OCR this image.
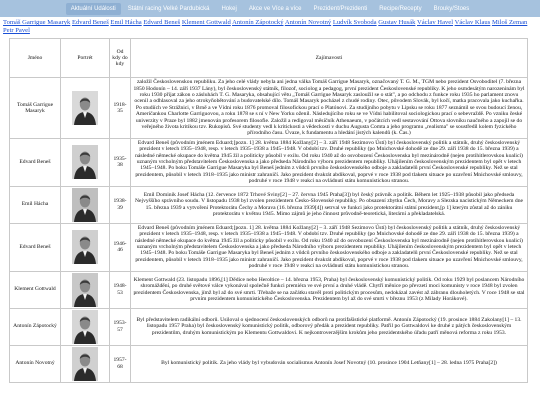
Aktuální Události	Státní racing Velké Pardubická	Hokej	Akce ve Více a více	Prezident/Prezidenti	Recipe/Recepty	Brouky/Stoes
Tomáš Garrigue Masaryk Edvard Beneš Emil Hácha Edvard Beneš Klement Gottwald Antonín Zápotocký Antonín Novotný Ludvík Svoboda Gustav Husák Václav Havel Václav Klaus Miloš Zeman Petr Pavel
Jméno	Portrét	Od kdy do kdy	Zajímavosti
Tomáš Garrigue Masaryk		1918-35	založil Československou republiku. Za jeho celé vlády nebyla ani jedna válka Tomáš Garrigue Masaryk, označovaný T. G. M., TGM nebo prezident Osvoboditel (7. března 1850 Hodonín – 14. září 1937 Lány), byl československý státník, filozof, sociolog a pedagog, první prezident Československé republiky. K jeho osmdesátým narozeninám byl roku 1930 přijat zákon o zásluhách T. G. Masaryka, obsahující větu „Tomáš Garrigue Masaryk zasloužil se o stát", a po odchodu z funkce roku 1935 ho parlament znovu ocenil a odhlasoval za jeho otrokyňobětování a budovatelské dílo. Tomáš Masaryk pocházel z chudé rodiny. Otec, původem Slovák, byl kočí, matka pracovala jako kuchařka. Po studiích ve Strážnici, v Brně a ve Vídni roku 1876 promoval filosofickou prací o Platónovi. Za studijního pobytu v Lipsku se roku 1877 seznámil se svou budoucí ženou, Američankou Charlotte Garriguovou, a roku 1878 se s ní v New Yorku oženil. Následujícího roku se ve Vídni habilitoval sociologickou prací o sebevraždě. Po vzniku české univerzity v Praze byl 1882 jmenován profesorem filosofie. Založil a redigoval měsíčník Athenaeum, v počátcích vedl sestavování Ottova slovníku naučného a zapojil se do veřejného života kritikou tzv. Rukopisů. Své studenty vedl k kritickosti a vědeckosti v duchu Augusta Comta a jeho programu „realisma" se soustředil kolem fyzického přírodního času. Úvaze, k fundamentu a hledání jistých kalendů (k. Čas.)
Edvard Beneš		1935-38	Edvard Beneš (původním jménem Eduard;[pozn. 1] 28. května 1884 Kožlany[2] – 3. září 1948 Sezimovo Ústí) byl československý politik a státník, druhý československý prezident v letech 1935–1948, resp. v letech 1935–1938 a 1945–1948. V období tzv. Druhé republiky (po Mnichovské dohodě ze dne 29. září 1938 do 15. března 1939) a následné německé okupace do května 1945 žil a politicky působil v exilu. Od roku 1940 až do osvobození Československa byl mezinárodně (nejen protihitlerovskou koalicí) uznaným vrcholným představitelem Československa a jako předseda Národního výboru prezidentem republiky. Uhájilením československým prezidentem byl opět v letech 1945–1948. Po boku Tomáše Garrigue Masaryka byl Beneš jedním z vůdců prvního československého odboje a zakladatelů první Československé republiky. Než se stal prezidentem, působil v letech 1918–1935 jako ministr zahraničí. Jako prezident dvakrát abdikoval, poprvé v roce 1938 pod tlakem situace po uzavření Mnichovské smlouvy, podruhé v roce 1948 v reakci na ovládnutí státu komunistickou stranou.
Emil Hácha		1938-39	Emil Dominik Josef Hácha (12. července 1872 Trhové Sviny[2] – 27. června 1945 Praha[3]) byl český právník a politik. Během let 1925–1938 působil jako předseda Nejvyššího správního soudu. V listopadu 1938 byl zvolen prezidentem Česko-Slovenské republiky. Po obsazení zbytku Čech, Moravy a Slezska nacistickým Německem dne 15. března 1939 a vytvoření Protektorátu Čechy a Morava (16. března 1939[4]) setrval ve funkci jako protektorátní státní prezident,[p 1] kterým zůstal až do zániku protektorátu v květnu 1945. Mimo zájmů je jeho činnost průvodně-teoretická, literární a překladatelská.
Edvard Beneš		1946-46	Edvard Beneš (původním jménem Eduard;[pozn. 1] 28. května 1884 Kožlany[2] – 3. září 1948 Sezimovo Ústí) byl československý politik a státník, druhý československý prezident v letech 1935–1948, resp. v letech 1935–1938 a 1945–1948. V období tzv. Druhé republiky (po Mnichovské dohodě ze dne 29. září 1938 do 15. března 1939) a následné německé okupace do května 1945 žil a politicky působil v exilu. Od roku 1940 až do osvobození Československa byl mezinárodně (nejen protihitlerovskou koalicí) uznaným vrcholným představitelem Československa a jako předseda Národního výboru prezidentem republiky. Uhájilením československým prezidentem byl opět v letech 1945–1948. Po boku Tomáše Garrigue Masaryka byl Beneš jedním z vůdců prvního československého odboje a zakladatelů první Československé republiky. Než se stal prezidentem, působil v letech 1918–1935 jako ministr zahraničí. Jako prezident dvakrát abdikoval, poprvé v roce 1938 pod tlakem situace po uzavření Mnichovské smlouvy, podruhé v roce 1948 v reakci na ovládnutí státu komunistickou stranou.
Klement Gottwald		1948-53	Klement Gottwald (23. listopadu 1896,[1] Dědice nebo Heroltice – 14. března 1953, Praha) byl československý komunistický politik. Od roku 1929 byl poslancem Národního shromáždění, po druhé světové válce vykonával společně funkci premiéra ve své první a druhé vládě. Chytří měnice po převzetí moci komunisty v roce 1948 byl zvolen prezidentem Československa, jímž byl až do své smrti. Třebaže se na začátku stavěl proti politickým procesům, nedokázal zavést až zábranu dlouholetých. V roce 1948 se stal prvním prezidentem komunistického Československa. Prezidentem byl až do své smrti v březnu 1953 (z Milady Horákové).
Antonín Zápotocký		1953-57	Byl představitelem radikální odborů. Usiloval o sjednocení československých odborů na protifašistické platformě. Antonín Zápotocký (19. prosince 1884 Zakolany[1] – 13. listopadu 1957 Praha) byl československý komunistický politik, odborový předák a prezident republiky. Patřil po Gottwaldovi ke druhé z pátých československým prezidentům, druhým komunistickým po Klementu Gottwaldovi. K nejkontroverzějším krokům jeho prezidentského úřadu patří měnová reforma z roku 1953.
Antonín Novotný		1957-68	Byl komunistický politik. Za jeho vlády byl vybudován socialismus Antonín Josef Novotný (10. prosince 1904 Letňany[1] – 28. ledna 1975 Praha[2])
